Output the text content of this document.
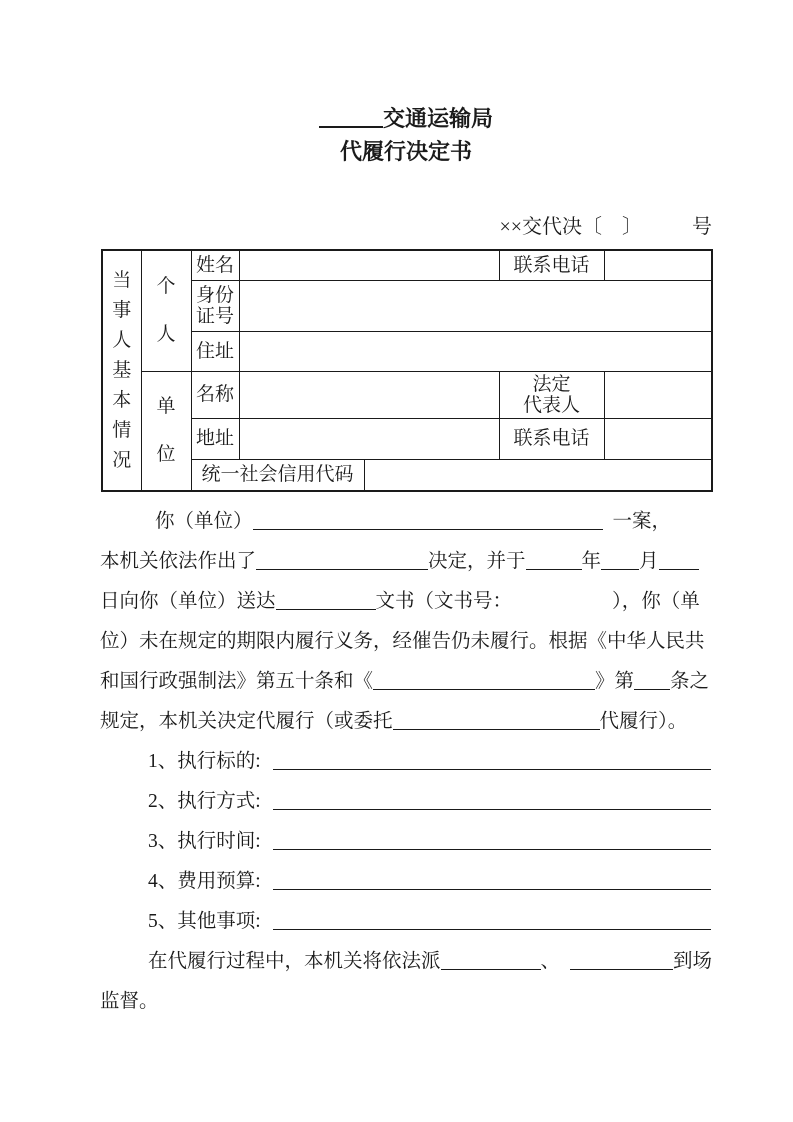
交通运输局
代履行决定书
××交代决〔　〕　　　号
当事人基本情况	个人	姓名			联系电话	

		身份
证号				

		住址				

	单位	名称			法定
代表人	

		地址			联系电话	
		统一社会信用代码				
你（单位）	一案，
本机关依法作出了	决定，并于	年 月
日向你（单位）送达	文书（文书号：	），你（单
位）未在规定的期限内履行义务，经催告仍未履行。根据《中华人民共
和国行政强制法》第五十条和《	》第 条之
规定，本机关决定代履行（或委托	代履行）。
1、执行标的:
2、执行方式:
3、执行时间:
4、费用预算:
5、其他事项:
在代履行过程中，本机关将依法派	、	到场
监督。
